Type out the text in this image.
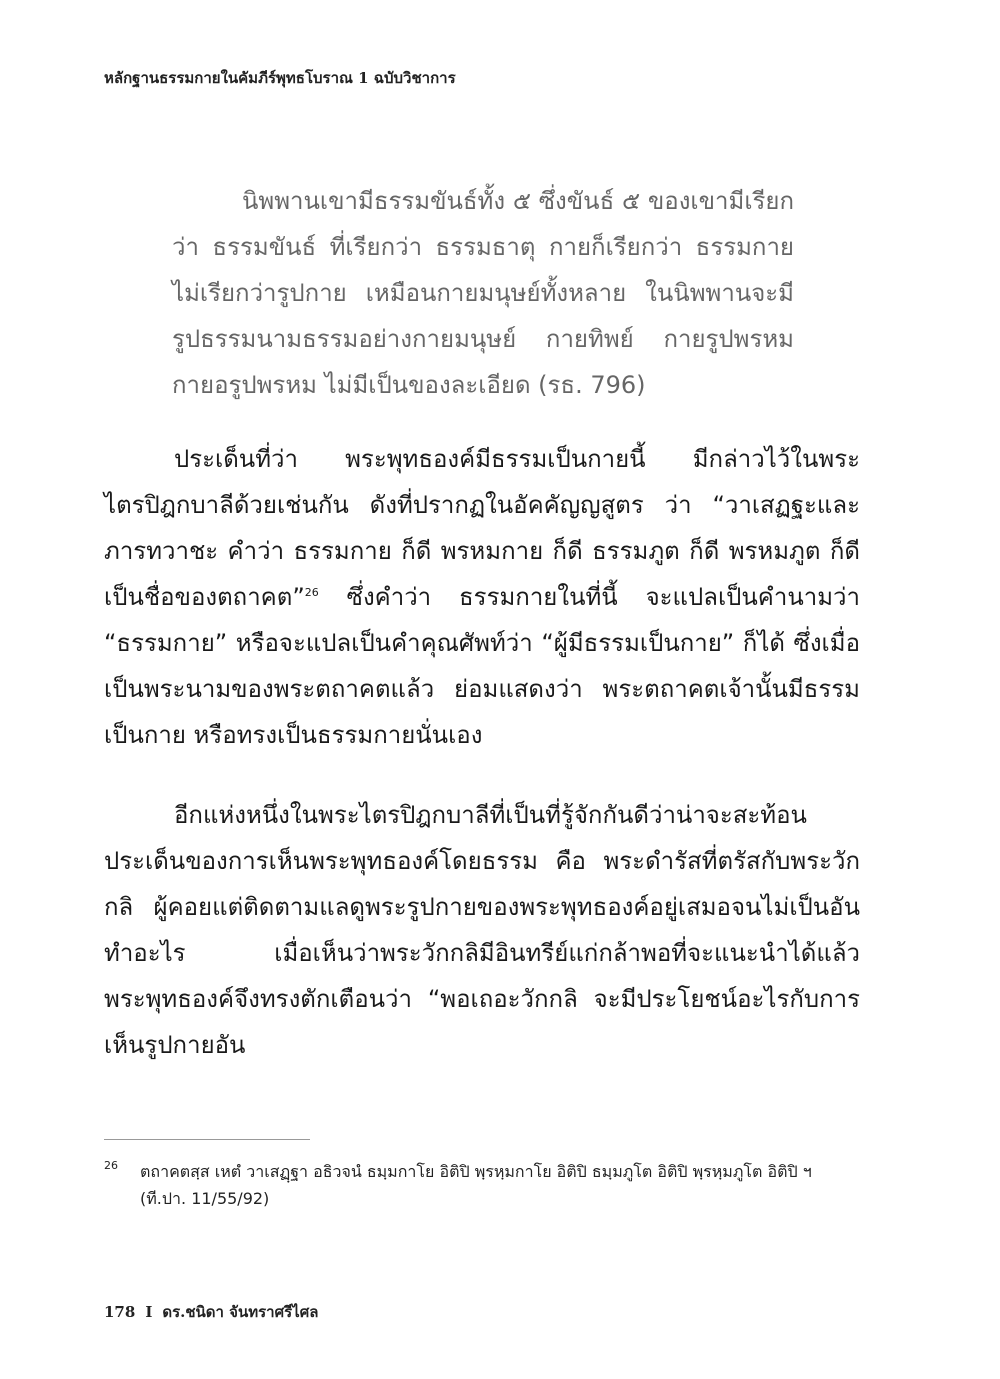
หลักฐานธรรมกายในคัมภีร์พุทธโบราณ 1 ฉบับวิชาการ

นิพพานเขามีธรรมขันธ์ทั้ง ๕ ซึ่งขันธ์ ๕ ของเขามีเรียกว่า ธรรมขันธ์ ที่เรียกว่า ธรรมธาตุ กายก็เรียกว่า ธรรมกาย ไม่เรียกว่ารูปกาย เหมือนกายมนุษย์ทั้งหลาย ในนิพพานจะมีรูปธรรมนามธรรมอย่างกายมนุษย์ กายทิพย์ กายรูปพรหม กายอรูปพรหม ไม่มีเป็นของละเอียด (รธ. 796)

ประเด็นที่ว่า พระพุทธองค์มีธรรมเป็นกายนี้ มีกล่าวไว้ในพระไตรปิฎกบาลีด้วยเช่นกัน ดังที่ปรากฏในอัคคัญญสูตร ว่า “วาเสฏฐะและภารทวาชะ คำว่า ธรรมกาย ก็ดี พรหมกาย ก็ดี ธรรมภูต ก็ดี พรหมภูต ก็ดี เป็นชื่อของตถาคต”$^{26}$ ซึ่งคำว่า ธรรมกายในที่นี้ จะแปลเป็นคำนามว่า “ธรรมกาย” หรือจะแปลเป็นคำคุณศัพท์ว่า “ผู้มีธรรมเป็นกาย” ก็ได้ ซึ่งเมื่อเป็นพระนามของพระตถาคตแล้ว ย่อมแสดงว่า พระตถาคตเจ้านั้นมีธรรมเป็นกาย หรือทรงเป็นธรรมกายนั่นเอง

อีกแห่งหนึ่งในพระไตรปิฎกบาลีที่เป็นที่รู้จักกันดีว่าน่าจะสะท้อนประเด็นของการเห็นพระพุทธองค์โดยธรรม คือ พระดำรัสที่ตรัสกับพระวักกลิ ผู้คอยแต่ติดตามแลดูพระรูปกายของพระพุทธองค์อยู่เสมอจนไม่เป็นอันทำอะไร เมื่อเห็นว่าพระวักกลิมีอินทรีย์แก่กล้าพอที่จะแนะนำได้แล้วพระพุทธองค์จึงทรงตักเตือนว่า “พอเถอะวักกลิ จะมีประโยชน์อะไรกับการเห็นรูปกายอัน

26	ตถาคตสฺส เหตํ วาเสฏฺฐา อธิวจนํ ธมฺมกาโย อิติปิ พฺรหฺมกาโย อิติปิ ธมฺมภูโต อิติปิ พฺรหฺมภูโต อิติปิ ฯ (ที.ปา. 11/55/92)
178 I ดร.ชนิดา จันทราศรีไศล
